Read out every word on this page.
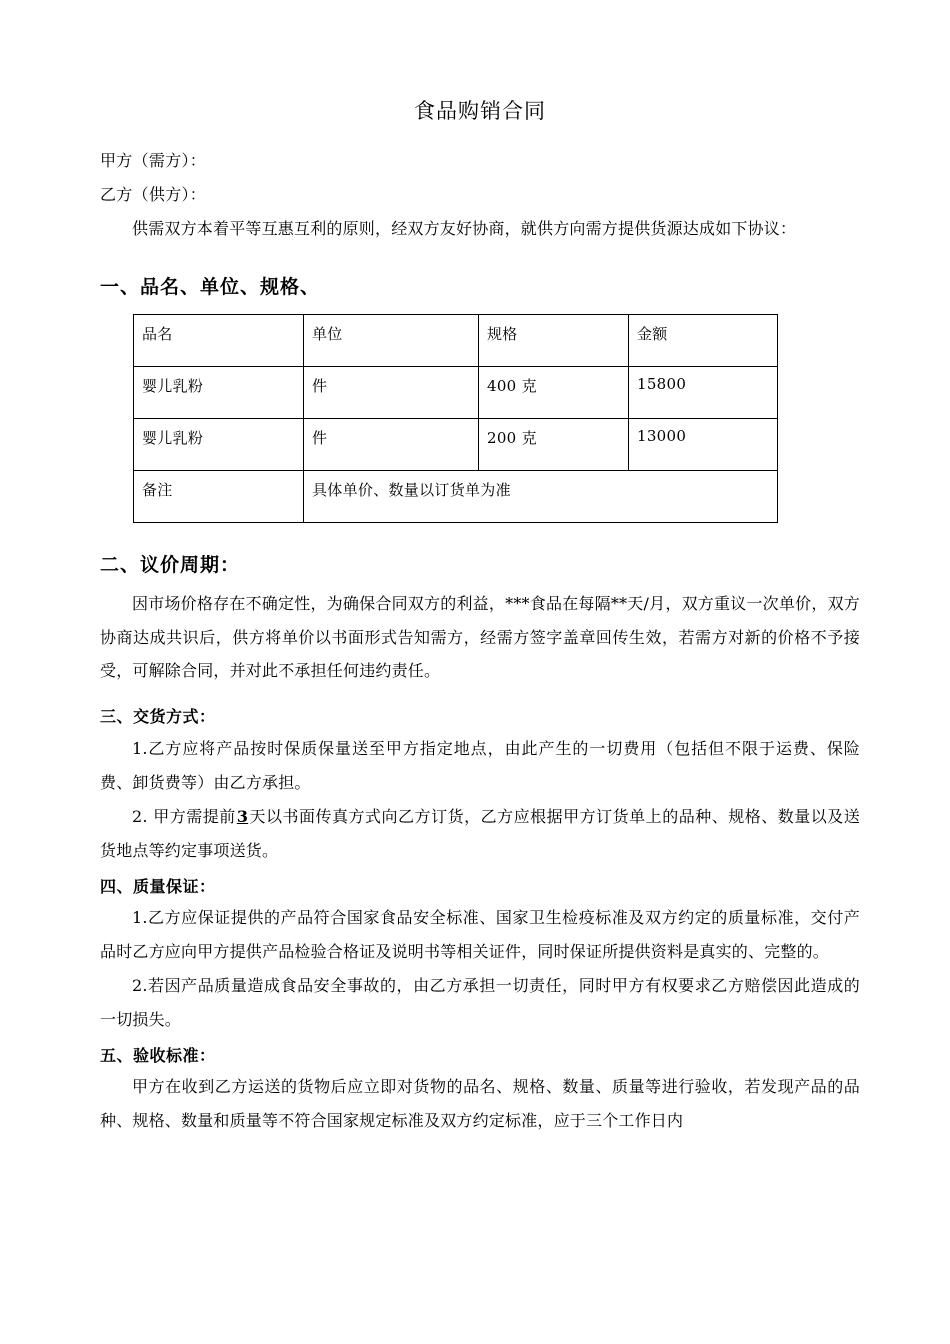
食品购销合同

甲方（需方）：

乙方（供方）：

供需双方本着平等互惠互利的原则，经双方友好协商，就供方向需方提供货源达成如下协议：

一、品名、单位、规格、
品名	单位	规格	金额
婴儿乳粉	件	400 克	15800
婴儿乳粉	件	200 克	13000
备注	具体单价、数量以订货单为准		
二、议价周期：

因市场价格存在不确定性，为确保合同双方的利益，***食品在每隔**天/月，双方重议一次单价，双方协商达成共识后，供方将单价以书面形式告知需方，经需方签字盖章回传生效，若需方对新的价格不予接受，可解除合同，并对此不承担任何违约责任。

三、交货方式：

1.乙方应将产品按时保质保量送至甲方指定地点，由此产生的一切费用（包括但不限于运费、保险费、卸货费等）由乙方承担。

2. 甲方需提前3天以书面传真方式向乙方订货，乙方应根据甲方订货单上的品种、规格、数量以及送货地点等约定事项送货。

四、质量保证：

1.乙方应保证提供的产品符合国家食品安全标准、国家卫生检疫标准及双方约定的质量标准，交付产品时乙方应向甲方提供产品检验合格证及说明书等相关证件，同时保证所提供资料是真实的、完整的。

2.若因产品质量造成食品安全事故的，由乙方承担一切责任，同时甲方有权要求乙方赔偿因此造成的一切损失。

五、验收标准：

甲方在收到乙方运送的货物后应立即对货物的品名、规格、数量、质量等进行验收，若发现产品的品种、规格、数量和质量等不符合国家规定标准及双方约定标准，应于三个工作日内
